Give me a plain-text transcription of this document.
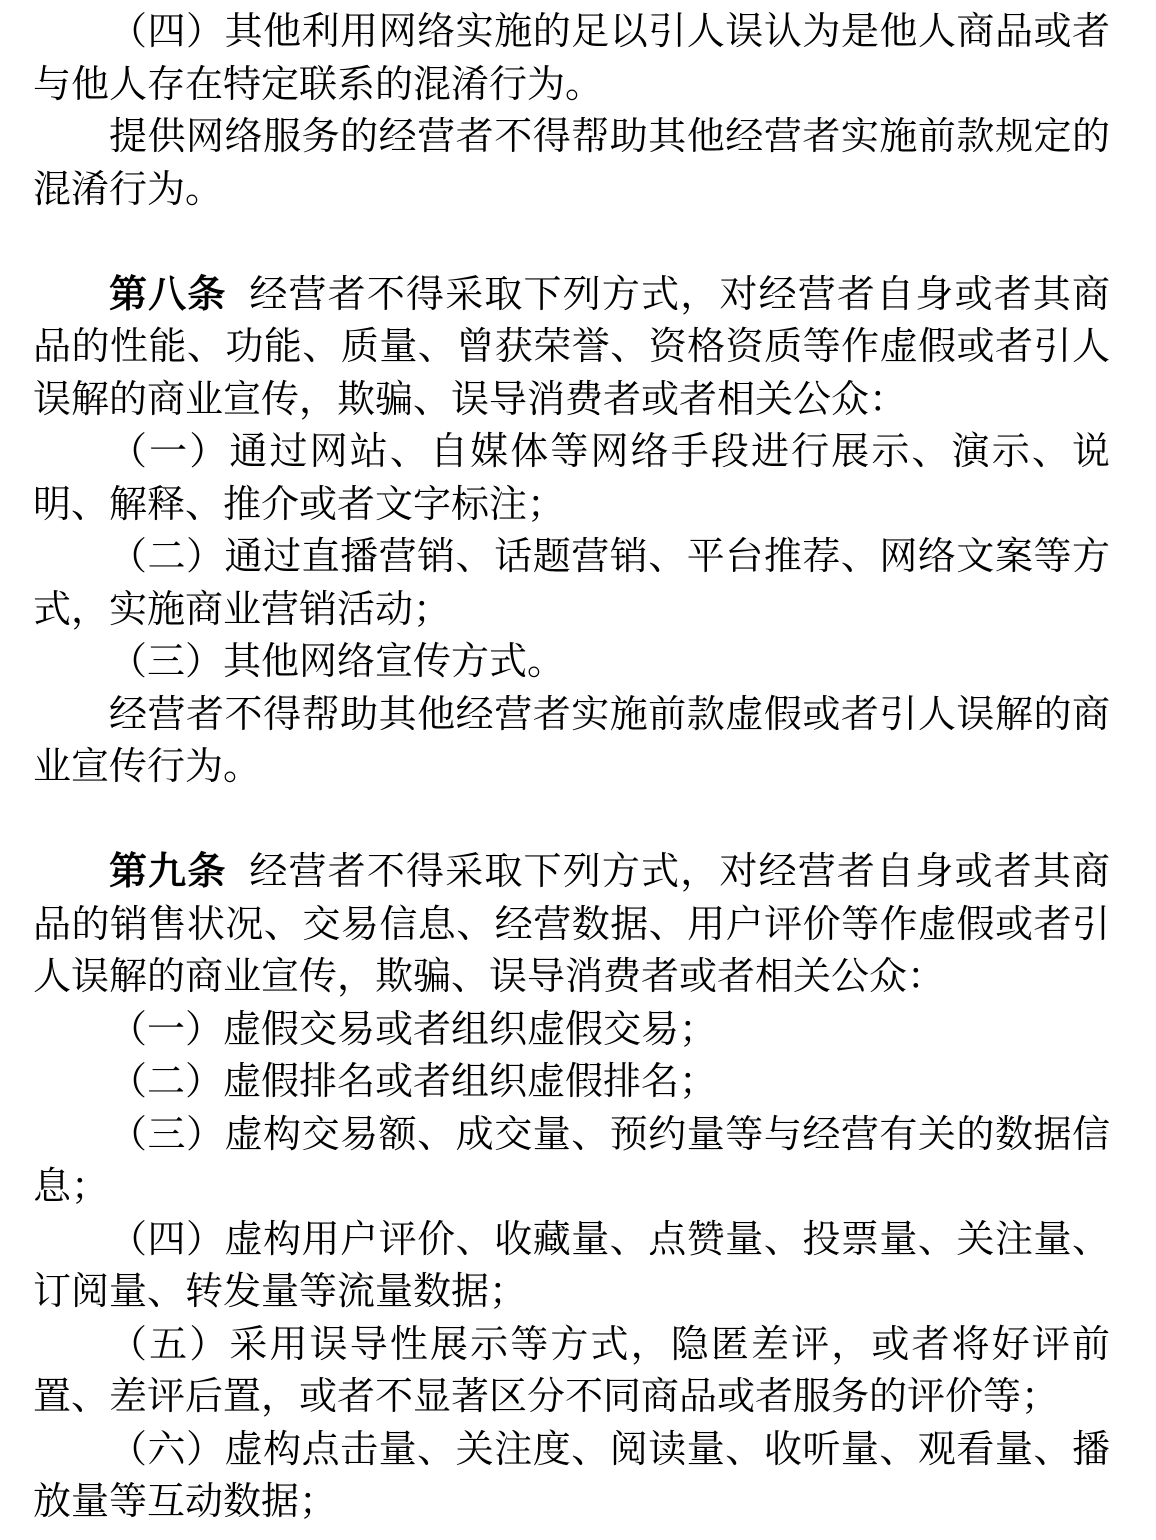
（四）其他利用网络实施的足以引人误认为是他人商品或者与他人存在特定联系的混淆行为。

提供网络服务的经营者不得帮助其他经营者实施前款规定的混淆行为。

第八条 经营者不得采取下列方式，对经营者自身或者其商品的性能、功能、质量、曾获荣誉、资格资质等作虚假或者引人误解的商业宣传，欺骗、误导消费者或者相关公众：

（一）通过网站、自媒体等网络手段进行展示、演示、说明、解释、推介或者文字标注；

（二）通过直播营销、话题营销、平台推荐、网络文案等方式，实施商业营销活动；

（三）其他网络宣传方式。

经营者不得帮助其他经营者实施前款虚假或者引人误解的商业宣传行为。

第九条 经营者不得采取下列方式，对经营者自身或者其商品的销售状况、交易信息、经营数据、用户评价等作虚假或者引人误解的商业宣传，欺骗、误导消费者或者相关公众：

（一）虚假交易或者组织虚假交易；

（二）虚假排名或者组织虚假排名；

（三）虚构交易额、成交量、预约量等与经营有关的数据信息；

（四）虚构用户评价、收藏量、点赞量、投票量、关注量、订阅量、转发量等流量数据；

（五）采用误导性展示等方式，隐匿差评，或者将好评前置、差评后置，或者不显著区分不同商品或者服务的评价等；

（六）虚构点击量、关注度、阅读量、收听量、观看量、播放量等互动数据；
